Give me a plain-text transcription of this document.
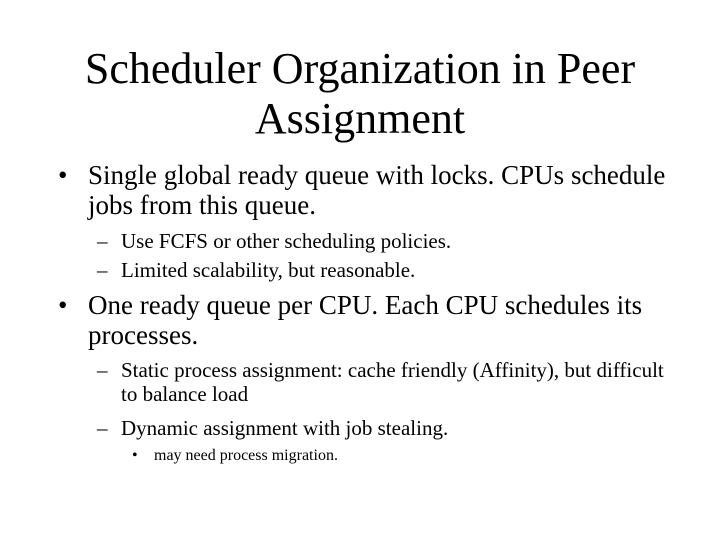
Scheduler Organization in Peer Assignment
• Single global ready queue with locks. CPUs schedule jobs from this queue.
– Use FCFS or other scheduling policies.
– Limited scalability, but reasonable.
• One ready queue per CPU. Each CPU schedules its processes.
– Static process assignment: cache friendly (Affinity), but difficult to balance load
– Dynamic assignment with job stealing.
• may need process migration.
